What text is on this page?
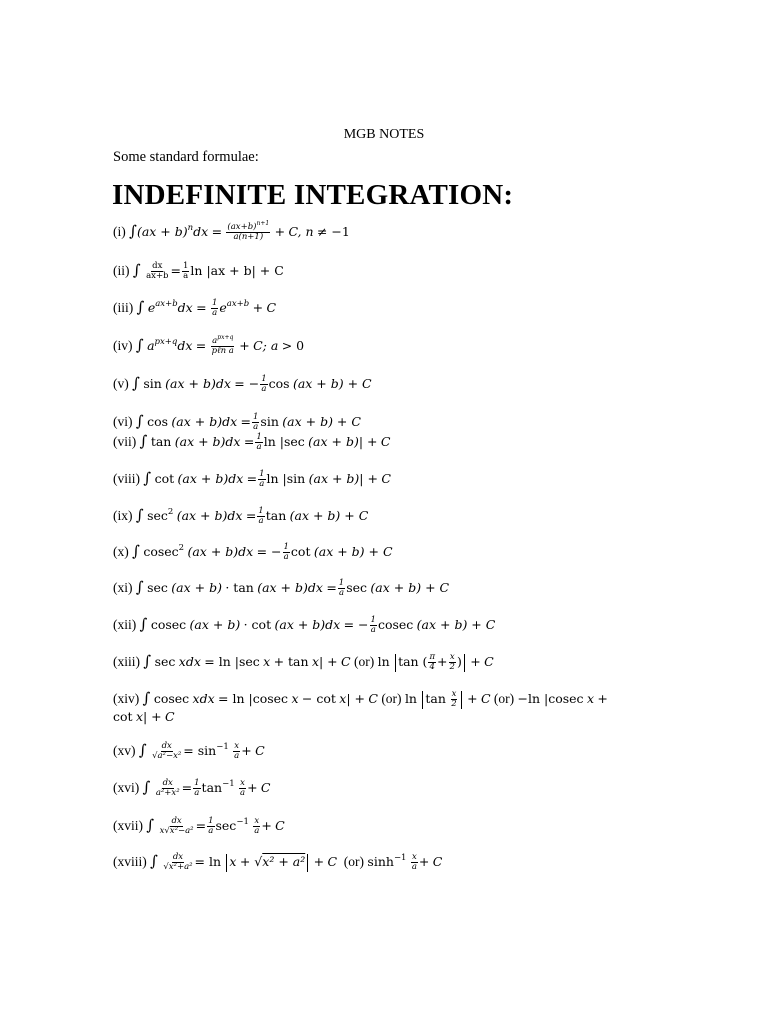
MGB NOTES
Some standard formulae:
INDEFINITE INTEGRATION:
(i) $\int(ax + b)^ndx = \frac{(ax+b)^{n+1}}{a(n+1)} + C$, n ≠ −1
(ii) ∫ $\frac{dx}{ax+b} = \frac{1}{a}$ ln |ax + b| + C
(iii) ∫ $e^{ax+b}dx = \frac{1}{a} e^{ax+b} + C$
(iv) ∫ $a^{px+q}dx = \frac{a^{px+q}}{\text{pℓn a}} + C$; a > 0
(v) ∫ sin (ax + b)dx = − $\frac{1}{a}$ cos (ax + b) + C
(vi) ∫ $\cos (ax + b)dx = \frac{1}{a}$ sin (ax + b) + C
(vii) ∫ $\tan (ax + b)dx = \frac{1}{a}$ ln |sec (ax + b)| + C
(viii) ∫ $\cot (ax + b)dx = \frac{1}{a}$ ln |sin (ax + b)| + C
(ix) ∫ $\sec^2 (ax + b)dx = \frac{1}{a}$ tan (ax + b) + C
(x) ∫ cosec$^2$ (ax + b)dx = − $\frac{1}{a}$ cot (ax + b) + C
(xi) ∫ $\sec (ax + b) \cdot \tan (ax + b)dx = \frac{1}{a}$ sec (ax + b) + C
(xii) ∫ cosec (ax + b) · cot (ax + b)dx = − $\frac{1}{a}$ cosec (ax + b) + C
(xiii) ∫ sec xdx = ln |sec x + tan x| + C (or) ln tan ( $\frac{\pi}{4} + \frac{x}{2}$ ) + C
(xiv) ∫ cosec xdx = ln |cosec x − cot x| + C (or) $\ln \tan \frac{x}{2} + C$ (or) −ln |cosec x +
cot x| + C
(xv) ∫ $\frac{dx}{\text{√a²−x²}} = \sin^{-1} \frac{x}{a} + C$
(xvi) ∫ $\frac{dx}{\text{a²+x²}} = \frac{1}{a} \tan^{-1} \frac{x}{a} + C$
(xvii) ∫ $\frac{dx}{\text{x√x²−a²}} = \frac{1}{a} \sec^{-1} \frac{x}{a} + C$
(xviii) ∫ $\frac{dx}{\text{√x²+a²}} = \ln x + √x^2 + a^2 + C$ (or) $\sinh^{-1} \frac{x}{a} + C$
